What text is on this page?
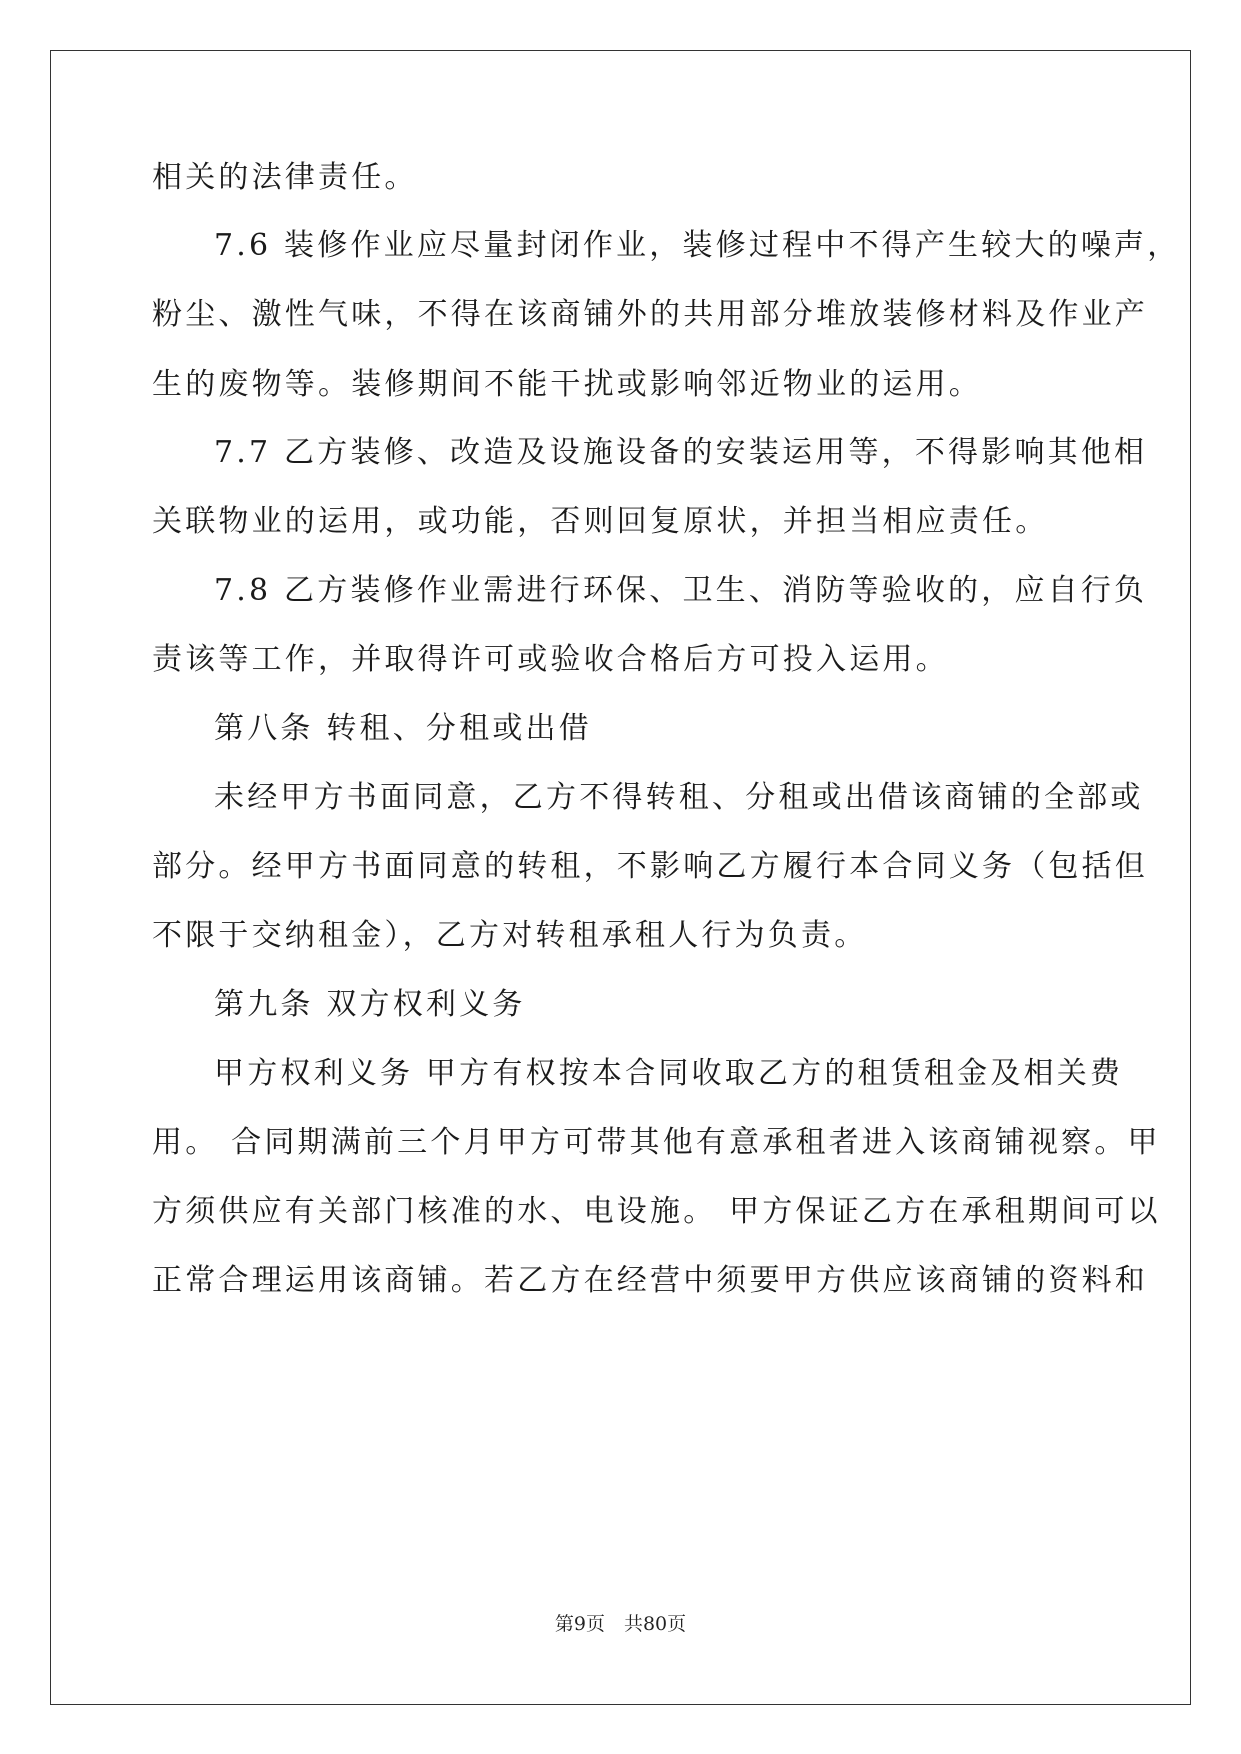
相关的法律责任。
7.6 装修作业应尽量封闭作业，装修过程中不得产生较大的噪声，
粉尘、激性气味，不得在该商铺外的共用部分堆放装修材料及作业产
生的废物等。装修期间不能干扰或影响邻近物业的运用。
7.7 乙方装修、改造及设施设备的安装运用等，不得影响其他相
关联物业的运用，或功能，否则回复原状，并担当相应责任。
7.8 乙方装修作业需进行环保、卫生、消防等验收的，应自行负
责该等工作，并取得许可或验收合格后方可投入运用。
第八条 转租、分租或出借
未经甲方书面同意，乙方不得转租、分租或出借该商铺的全部或
部分。经甲方书面同意的转租，不影响乙方履行本合同义务（包括但
不限于交纳租金），乙方对转租承租人行为负责。
第九条 双方权利义务
甲方权利义务 甲方有权按本合同收取乙方的租赁租金及相关费
用。 合同期满前三个月甲方可带其他有意承租者进入该商铺视察。甲
方须供应有关部门核准的水、电设施。 甲方保证乙方在承租期间可以
正常合理运用该商铺。若乙方在经营中须要甲方供应该商铺的资料和
第9页　共80页
